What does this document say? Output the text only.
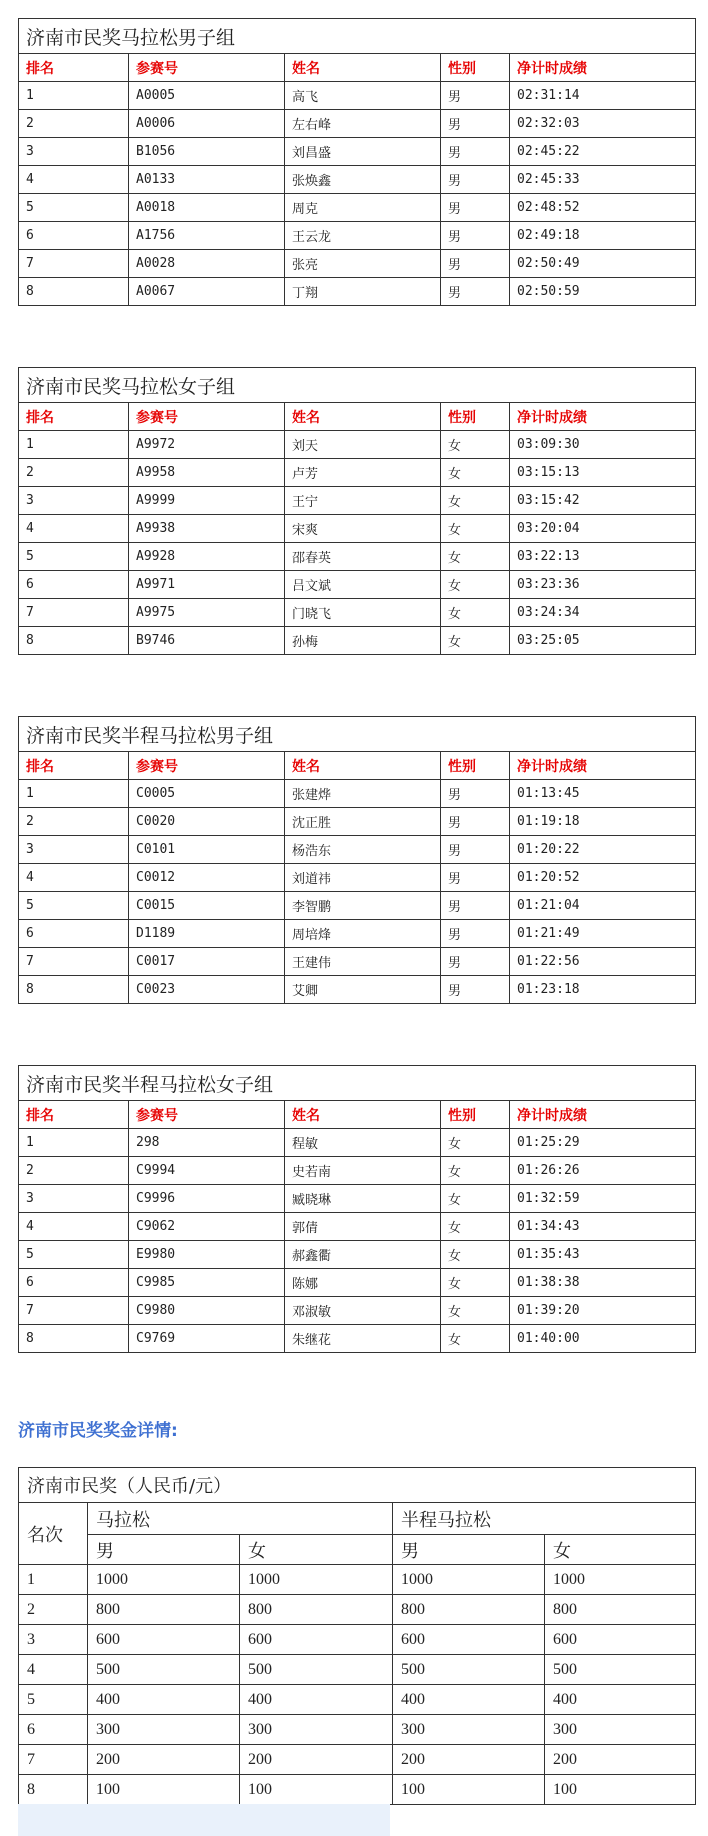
济南市民奖马拉松男子组				
排名	参赛号	姓名	性别	净计时成绩
1	A0005	高飞	男	02:31:14
2	A0006	左右峰	男	02:32:03
3	B1056	刘昌盛	男	02:45:22
4	A0133	张焕鑫	男	02:45:33
5	A0018	周克	男	02:48:52
6	A1756	王云龙	男	02:49:18
7	A0028	张亮	男	02:50:49
8	A0067	丁翔	男	02:50:59
济南市民奖马拉松女子组				
排名	参赛号	姓名	性别	净计时成绩
1	A9972	刘天	女	03:09:30
2	A9958	卢芳	女	03:15:13
3	A9999	王宁	女	03:15:42
4	A9938	宋爽	女	03:20:04
5	A9928	邵春英	女	03:22:13
6	A9971	吕文斌	女	03:23:36
7	A9975	门晓飞	女	03:24:34
8	B9746	孙梅	女	03:25:05
济南市民奖半程马拉松男子组				
排名	参赛号	姓名	性别	净计时成绩
1	C0005	张建烨	男	01:13:45
2	C0020	沈正胜	男	01:19:18
3	C0101	杨浩东	男	01:20:22
4	C0012	刘道祎	男	01:20:52
5	C0015	李智鹏	男	01:21:04
6	D1189	周培烽	男	01:21:49
7	C0017	王建伟	男	01:22:56
8	C0023	艾卿	男	01:23:18
济南市民奖半程马拉松女子组				
排名	参赛号	姓名	性别	净计时成绩
1	298	程敏	女	01:25:29
2	C9994	史若南	女	01:26:26
3	C9996	臧晓琳	女	01:32:59
4	C9062	郭倩	女	01:34:43
5	E9980	郝鑫衢	女	01:35:43
6	C9985	陈娜	女	01:38:38
7	C9980	邓淑敏	女	01:39:20
8	C9769	朱继花	女	01:40:00
济南市民奖奖金详情:
济南市民奖（人民币/元）				
名次	马拉松		半程马拉松	
	男	女	男	女
1	1000	1000	1000	1000
2	800	800	800	800
3	600	600	600	600
4	500	500	500	500
5	400	400	400	400
6	300	300	300	300
7	200	200	200	200
8	100	100	100	100
